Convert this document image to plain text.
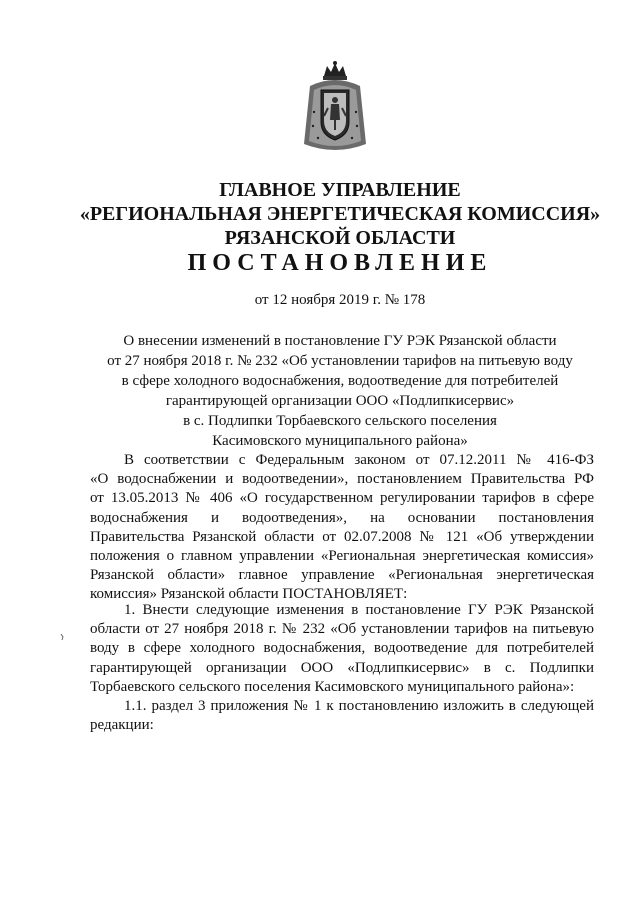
ГЛАВНОЕ УПРАВЛЕНИЕ
«РЕГИОНАЛЬНАЯ ЭНЕРГЕТИЧЕСКАЯ КОМИССИЯ»
РЯЗАНСКОЙ ОБЛАСТИ
ПОСТАНОВЛЕНИЕ
от 12 ноября 2019 г. № 178
О внесении изменений в постановление ГУ РЭК Рязанской области
от 27 ноября 2018 г. № 232 «Об установлении тарифов на питьевую воду
в сфере холодного водоснабжения, водоотведение для потребителей
гарантирующей организации ООО «Подлипкисервис»
в с. Подлипки Торбаевского сельского поселения
Касимовского муниципального района»
В соответствии с Федеральным законом от 07.12.2011 № 416-ФЗ
«О водоснабжении и водоотведении», постановлением Правительства РФ
от 13.05.2013 № 406 «О государственном регулировании тарифов в сфере
водоснабжения и водоотведения», на основании постановления
Правительства Рязанской области от 02.07.2008 № 121 «Об утверждении
положения о главном управлении «Региональная энергетическая комиссия»
Рязанской области» главное управление «Региональная энергетическая
комиссия» Рязанской области ПОСТАНОВЛЯЕТ:
1. Внести следующие изменения в постановление ГУ РЭК Рязанской
области от 27 ноября 2018 г. № 232 «Об установлении тарифов на питьевую
воду в сфере холодного водоснабжения, водоотведение для потребителей
гарантирующей организации ООО «Подлипкисервис» в с. Подлипки
Торбаевского сельского поселения Касимовского муниципального района»:
1.1. раздел 3 приложения № 1 к постановлению изложить в следующей
редакции:
